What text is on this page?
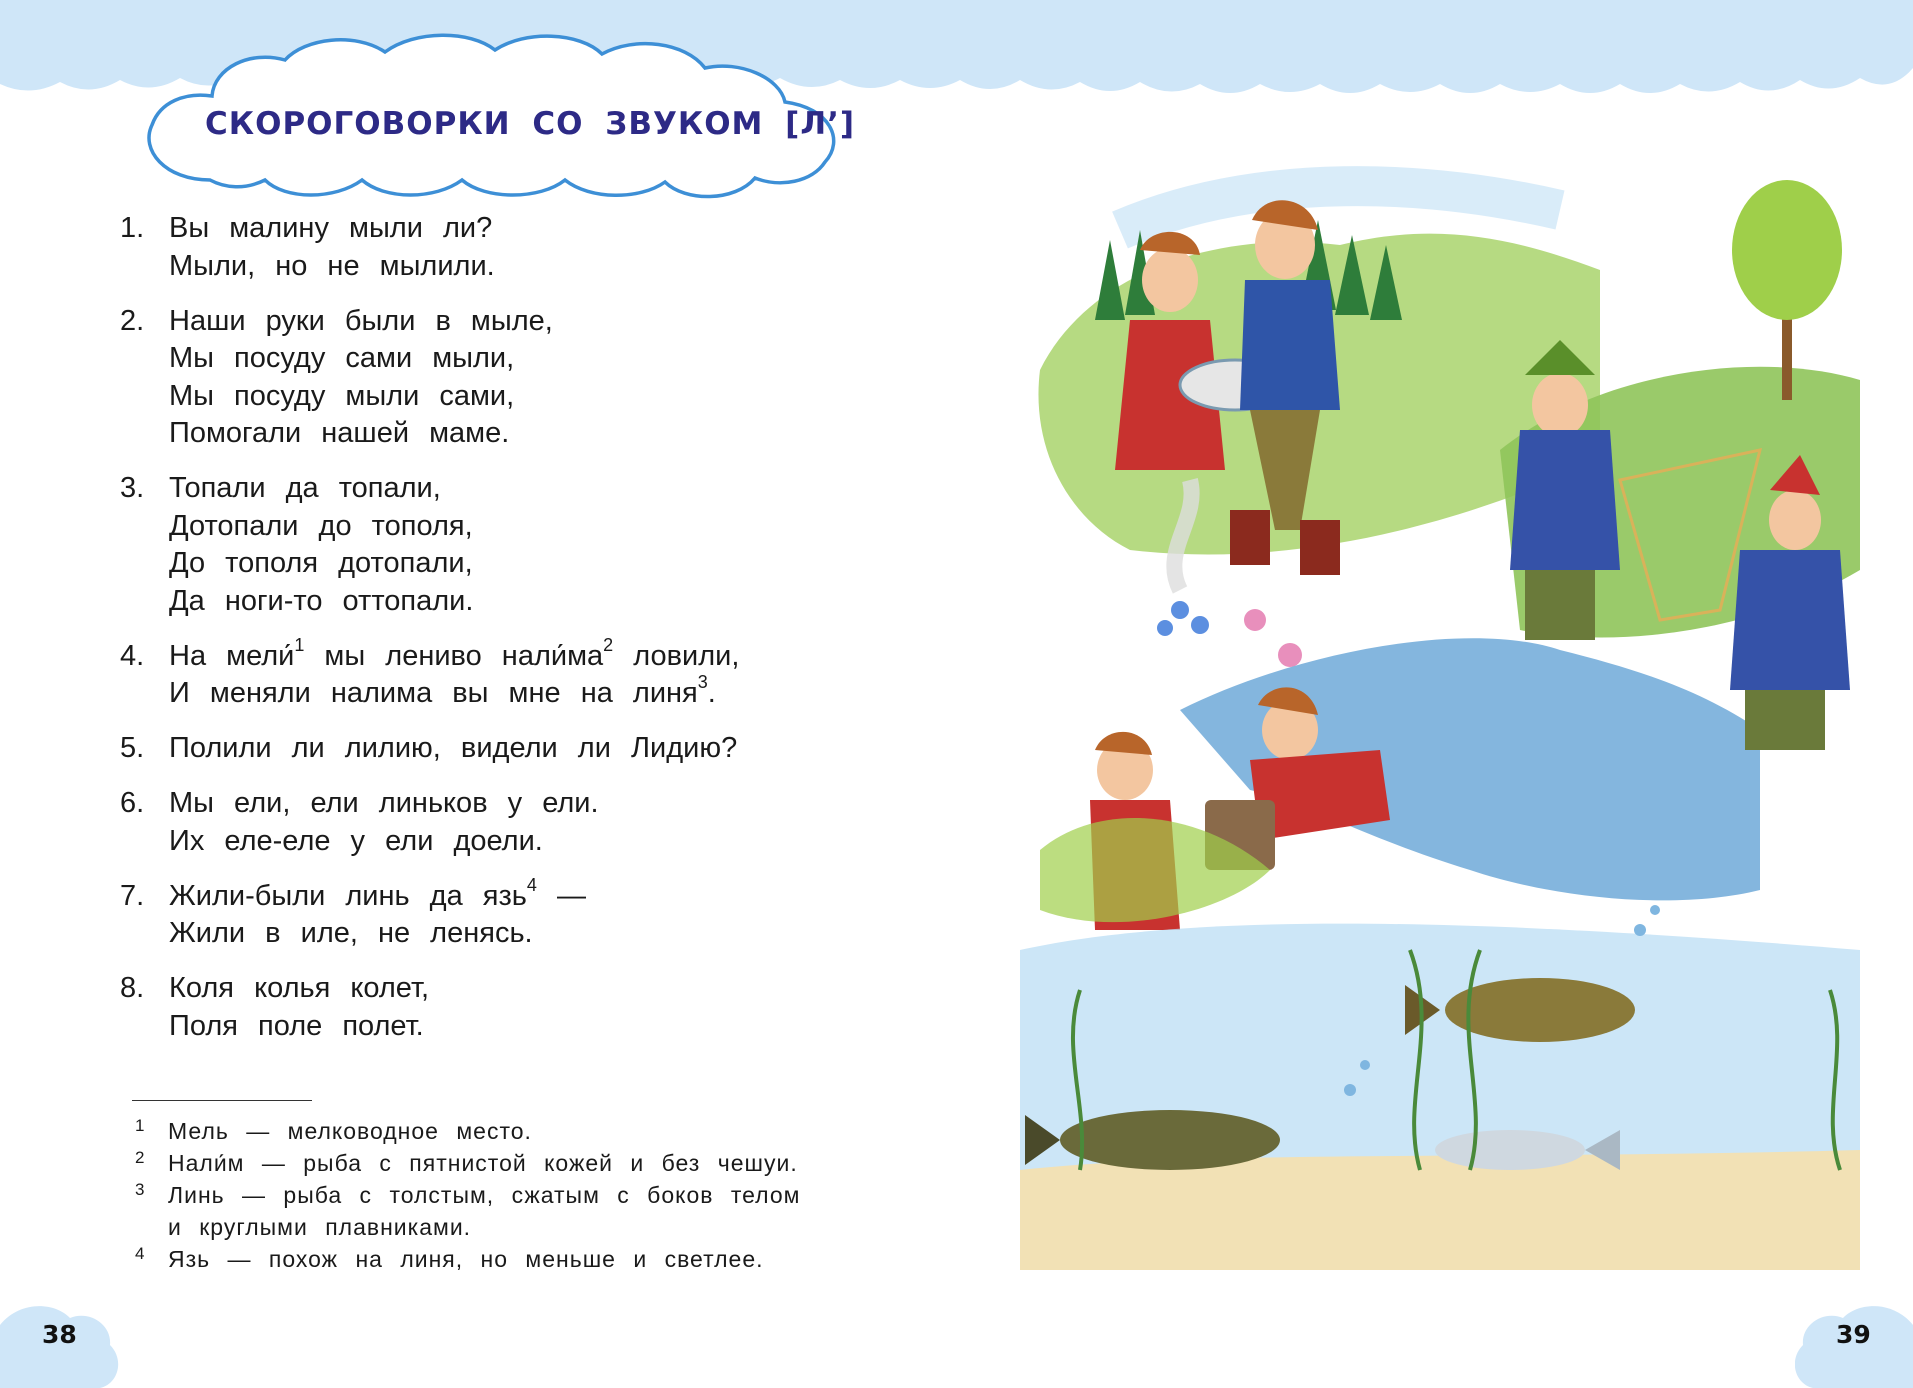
СКОРОГОВОРКИ СО ЗВУКОМ [Л’]
1. Вы малину мыли ли?
Мыли, но не мылили.
2. Наши руки были в мыле,
Мы посуду сами мыли,
Мы посуду мыли сами,
Помогали нашей маме.
3. Топали да топали,
Дотопали до тополя,
До тополя дотопали,
Да ноги-то оттопали.
4. На мели́$^1$ мы лениво $нали́ма^2$ ловили,
И меняли налима вы мне на линя$^3$.
5. Полили ли лилию, видели ли Лидию?
6. Мы ели, ели линьков у ели.
Их еле-еле у ели доели.
7. Жили-были линь да язь$^4$ —
Жили в иле, не ленясь.
8. Коля колья колет,
Поля поле полет.
1 Мель — мелководное место.
2 Нали́м — рыба с пятнистой кожей и без чешуи.
3 Линь — рыба с толстым, сжатым с боков телом
и круглыми плавниками.
4 Язь — похож на линя, но меньше и светлее.
38	39
